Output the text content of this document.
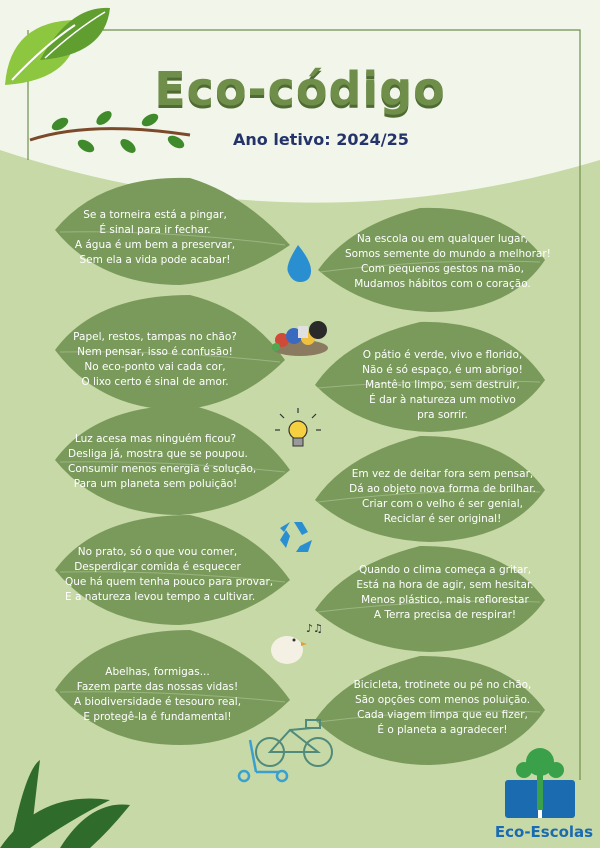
♪♫
Eco-código
Ano letivo: 2024/25
Se a torneira está a pingar,
É sinal para ir fechar.
A água é um bem a preservar,
Sem ela a vida pode acabar!
Na escola ou em qualquer lugar,
Somos semente do mundo a melhorar!
Com pequenos gestos na mão,
Mudamos hábitos com o coração.
Papel, restos, tampas no chão?
Nem pensar, isso é confusão!
No eco-ponto vai cada cor,
O lixo certo é sinal de amor.
O pátio é verde, vivo e florido,
Não é só espaço, é um abrigo!
Mantê-lo limpo, sem destruir,
É dar à natureza um motivo
pra sorrir.
Luz acesa mas ninguém ficou?
Desliga já, mostra que se poupou.
Consumir menos energia é solução,
Para um planeta sem poluição!
Em vez de deitar fora sem pensar,
Dá ao objeto nova forma de brilhar.
Criar com o velho é ser genial,
Reciclar é ser original!
No prato, só o que vou comer,
Desperdiçar comida é esquecer
Que há quem tenha pouco para provar,
E a natureza levou tempo a cultivar.
Quando o clima começa a gritar,
Está na hora de agir, sem hesitar.
Menos plástico, mais reflorestar
A Terra precisa de respirar!
Abelhas, formigas...
Fazem parte das nossas vidas!
A biodiversidade é tesouro real,
E protegê-la é fundamental!
Bicicleta, trotinete ou pé no chão,
São opções com menos poluição.
Cada viagem limpa que eu fizer,
É o planeta a agradecer!
Eco-Escolas
